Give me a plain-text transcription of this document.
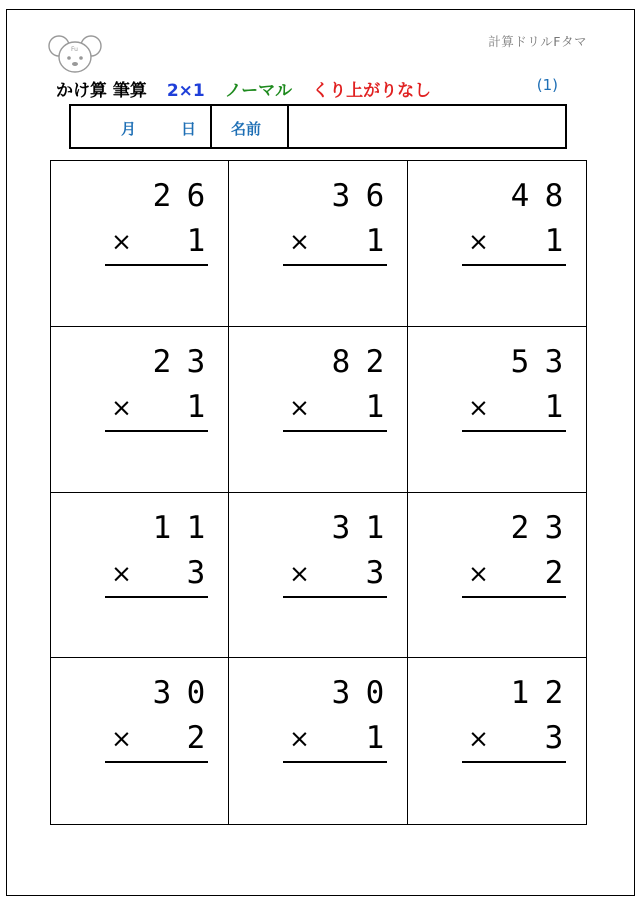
Fu
計算ドリルFタマ
かけ算 筆算 2×1 ノーマル くり上がりなし	(1)
月	日 名前
2 6
× 1
3 6
× 1
4 8
× 1
2 3
× 1
8 2
× 1
5 3
× 1
1 1
× 3
3 1
× 3
2 3
× 2
3 0
× 2
3 0
× 1
1 2
× 3
